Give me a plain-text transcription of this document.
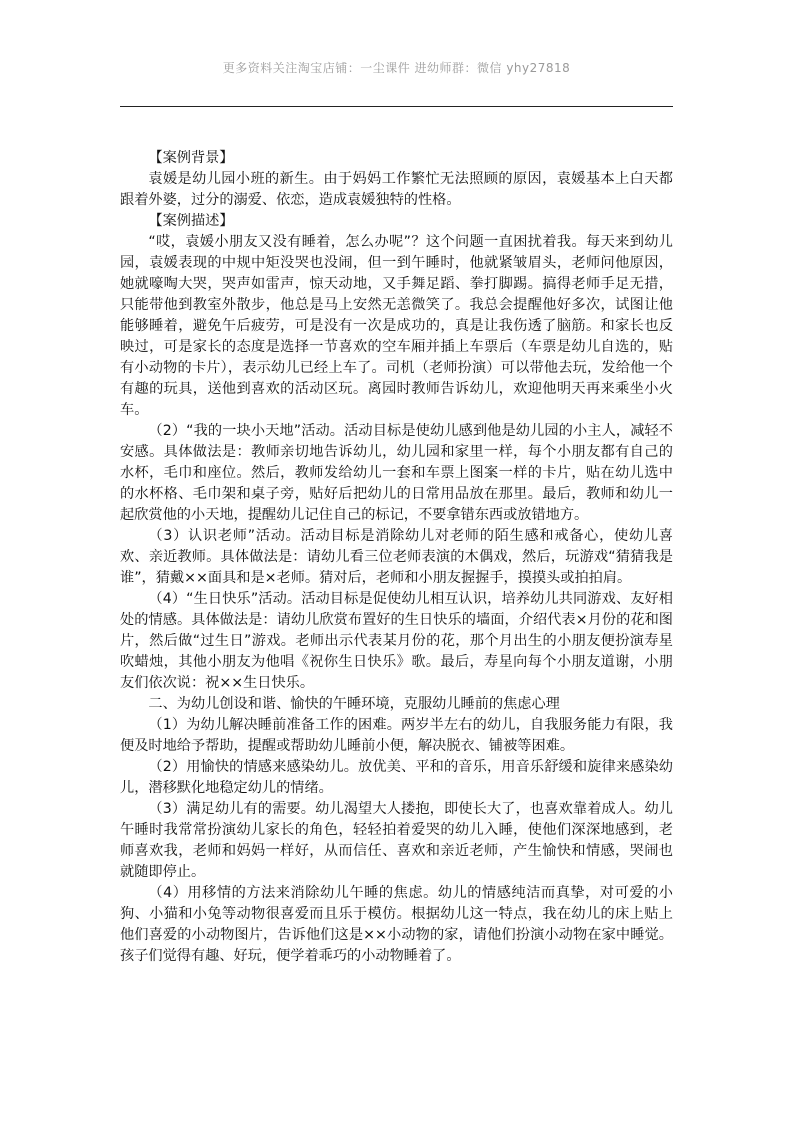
更多资料关注淘宝店铺：一尘课件 进幼师群：微信 yhy27818

【案例背景】

袁媛是幼儿园小班的新生。由于妈妈工作繁忙无法照顾的原因，袁媛基本上白天都跟着外婆，过分的溺爱、依恋，造成袁媛独特的性格。

【案例描述】

“哎，袁媛小朋友又没有睡着，怎么办呢”？这个问题一直困扰着我。每天来到幼儿园，袁媛表现的中规中矩没哭也没闹，但一到午睡时，他就紧皱眉头，老师问他原因，她就嚎啕大哭，哭声如雷声，惊天动地，又手舞足蹈、拳打脚踢。搞得老师手足无措，只能带他到教室外散步，他总是马上安然无恙微笑了。我总会提醒他好多次，试图让他能够睡着，避免午后疲劳，可是没有一次是成功的，真是让我伤透了脑筋。和家长也反映过，可是家长的态度是选择一节喜欢的空车厢并插上车票后（车票是幼儿自选的，贴有小动物的卡片），表示幼儿已经上车了。司机（老师扮演）可以带他去玩，发给他一个有趣的玩具，送他到喜欢的活动区玩。离园时教师告诉幼儿，欢迎他明天再来乘坐小火车。

（2）“我的一块小天地”活动。活动目标是使幼儿感到他是幼儿园的小主人，减轻不安感。具体做法是：教师亲切地告诉幼儿，幼儿园和家里一样，每个小朋友都有自己的水杯，毛巾和座位。然后，教师发给幼儿一套和车票上图案一样的卡片，贴在幼儿选中的水杯格、毛巾架和桌子旁，贴好后把幼儿的日常用品放在那里。最后，教师和幼儿一起欣赏他的小天地，提醒幼儿记住自己的标记，不要拿错东西或放错地方。

（3）认识老师”活动。活动目标是消除幼儿对老师的陌生感和戒备心，使幼儿喜欢、亲近教师。具体做法是：请幼儿看三位老师表演的木偶戏，然后，玩游戏“猜猜我是谁”，猜戴××面具和是×老师。猜对后，老师和小朋友握握手，摸摸头或拍拍肩。

（4）“生日快乐”活动。活动目标是促使幼儿相互认识，培养幼儿共同游戏、友好相处的情感。具体做法是：请幼儿欣赏布置好的生日快乐的墙面，介绍代表×月份的花和图片，然后做“过生日”游戏。老师出示代表某月份的花，那个月出生的小朋友便扮演寿星吹蜡烛，其他小朋友为他唱《祝你生日快乐》歌。最后，寿星向每个小朋友道谢，小朋友们依次说：祝××生日快乐。

二、为幼儿创设和谐、愉快的午睡环境，克服幼儿睡前的焦虑心理

（1）为幼儿解决睡前准备工作的困难。两岁半左右的幼儿，自我服务能力有限，我便及时地给予帮助，提醒或帮助幼儿睡前小便，解决脱衣、铺被等困难。

（2）用愉快的情感来感染幼儿。放优美、平和的音乐，用音乐舒缓和旋律来感染幼儿，潜移默化地稳定幼儿的情绪。

（3）满足幼儿有的需要。幼儿渴望大人搂抱，即使长大了，也喜欢靠着成人。幼儿午睡时我常常扮演幼儿家长的角色，轻轻拍着爱哭的幼儿入睡，使他们深深地感到，老师喜欢我，老师和妈妈一样好，从而信任、喜欢和亲近老师，产生愉快和情感，哭闹也就随即停止。

（4）用移情的方法来消除幼儿午睡的焦虑。幼儿的情感纯洁而真挚，对可爱的小狗、小猫和小兔等动物很喜爱而且乐于模仿。根据幼儿这一特点，我在幼儿的床上贴上他们喜爱的小动物图片，告诉他们这是××小动物的家，请他们扮演小动物在家中睡觉。孩子们觉得有趣、好玩，便学着乖巧的小动物睡着了。
